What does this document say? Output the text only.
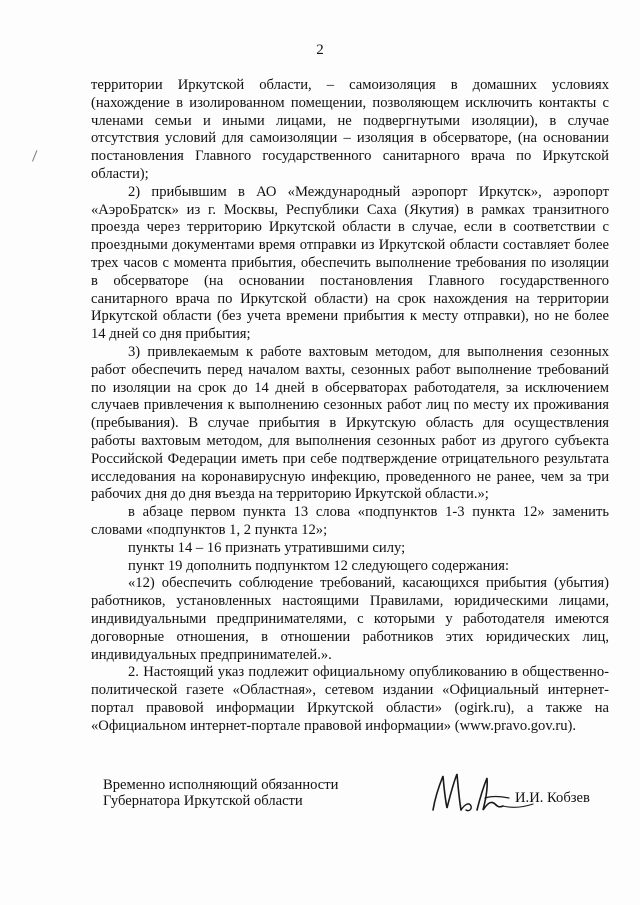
2

территории Иркутской области, – самоизоляция в домашних условиях (нахождение в изолированном помещении, позволяющем исключить контакты с членами семьи и иными лицами, не подвергнутыми изоляции), в случае отсутствия условий для самоизоляции – изоляция в обсерваторе, (на основании постановления Главного государственного санитарного врача по Иркутской области);

2) прибывшим в АО «Международный аэропорт Иркутск», аэропорт «АэроБратск» из г. Москвы, Республики Саха (Якутия) в рамках транзитного проезда через территорию Иркутской области в случае, если в соответствии с проездными документами время отправки из Иркутской области составляет более трех часов с момента прибытия, обеспечить выполнение требования по изоляции в обсерваторе (на основании постановления Главного государственного санитарного врача по Иркутской области) на срок нахождения на территории Иркутской области (без учета времени прибытия к месту отправки), но не более 14 дней со дня прибытия;

3) привлекаемым к работе вахтовым методом, для выполнения сезонных работ обеспечить перед началом вахты, сезонных работ выполнение требований по изоляции на срок до 14 дней в обсерваторах работодателя, за исключением случаев привлечения к выполнению сезонных работ лиц по месту их проживания (пребывания). В случае прибытия в Иркутскую область для осуществления работы вахтовым методом, для выполнения сезонных работ из другого субъекта Российской Федерации иметь при себе подтверждение отрицательного результата исследования на коронавирусную инфекцию, проведенного не ранее, чем за три рабочих дня до дня въезда на территорию Иркутской области.»;

в абзаце первом пункта 13 слова «подпунктов 1-3 пункта 12» заменить словами «подпунктов 1, 2 пункта 12»;

пункты 14 – 16 признать утратившими силу;

пункт 19 дополнить подпунктом 12 следующего содержания:

«12) обеспечить соблюдение требований, касающихся прибытия (убытия) работников, установленных настоящими Правилами, юридическими лицами, индивидуальными предпринимателями, с которыми у работодателя имеются договорные отношения, в отношении работников этих юридических лиц, индивидуальных предпринимателей.».

2. Настоящий указ подлежит официальному опубликованию в общественно-политической газете «Областная», сетевом издании «Официальный интернет-портал правовой информации Иркутской области» (ogirk.ru), а также на «Официальном интернет-портале правовой информации» (www.pravo.gov.ru).

Временно исполняющий обязанности
Губернатора Иркутской области	И.И. Кобзев
